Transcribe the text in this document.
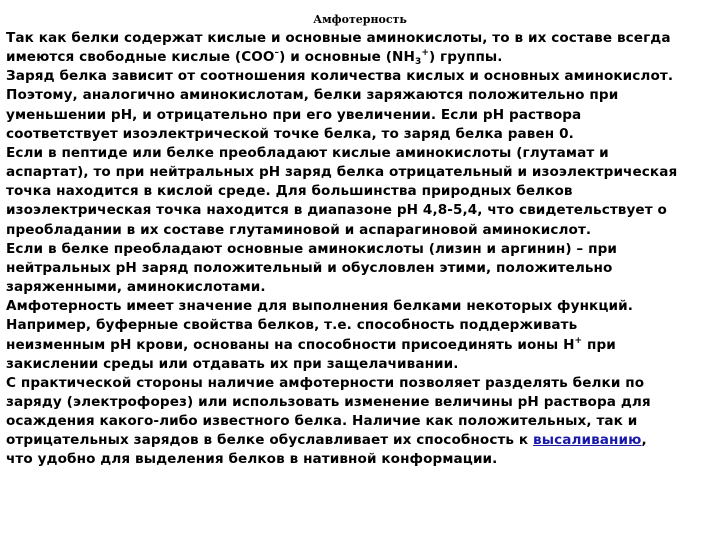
Амфотерность
Так как белки содержат кислые и основные аминокислоты, то в их составе всегда
имеются свободные кислые (COO–) и основные $(NH_3^+)$ группы.
Заряд белка зависит от соотношения количества кислых и основных аминокислот.
Поэтому, аналогично аминокислотам, белки заряжаются положительно при
уменьшении pH, и отрицательно при его увеличении. Если pH раствора
соответствует изоэлектрической точке белка, то заряд белка равен 0.
Если в пептиде или белке преобладают кислые аминокислоты (глутамат и
аспартат), то при нейтральных pH заряд белка отрицательный и изоэлектрическая
точка находится в кислой среде. Для большинства природных белков
изоэлектрическая точка находится в диапазоне pH 4,8-5,4, что свидетельствует о
преобладании в их составе глутаминовой и аспарагиновой аминокислот.
Если в белке преобладают основные аминокислоты (лизин и аргинин) – при
нейтральных pH заряд положительный и обусловлен этими, положительно
заряженными, аминокислотами.
Амфотерность имеет значение для выполнения белками некоторых функций.
Например, буферные свойства белков, т.е. способность поддерживать
неизменным pH крови, основаны на способности присоединять ионы H+ при
закислении среды или отдавать их при защелачивании.
С практической стороны наличие амфотерности позволяет разделять белки по
заряду (электрофорез) или использовать изменение величины pH раствора для
осаждения какого-либо известного белка. Наличие как положительных, так и
отрицательных зарядов в белке обуславливает их способность к высаливанию,
что удобно для выделения белков в нативной конформации.
